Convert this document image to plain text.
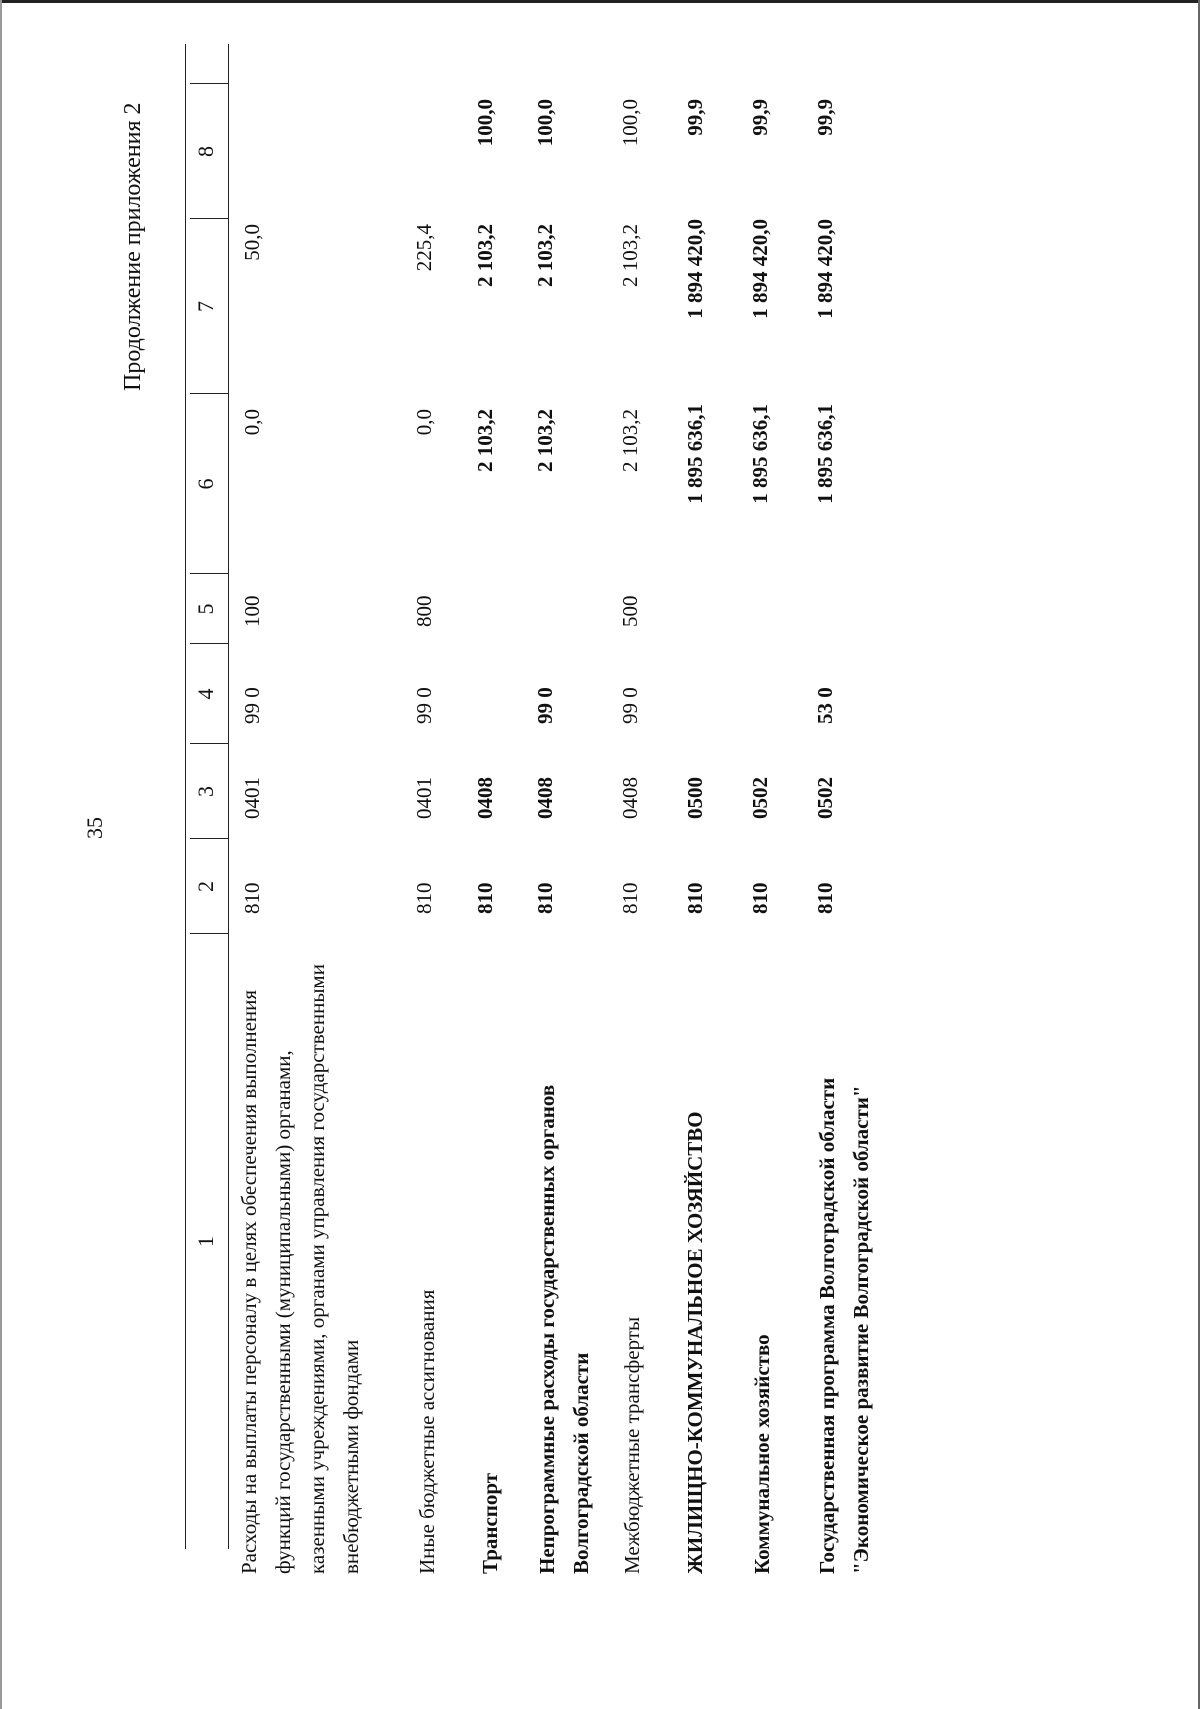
35
Продолжение приложения 2
1
2
3
4
5
6
7
8
Расходы на выплаты персоналу в целях обеспечения выполнения функций государственными (муниципальными) органами, казенными учреждениями, органами управления государственными внебюджетными фондами
810
0401
99 0
100
0,0
50,0
Иные бюджетные ассигнования
810
0401
99 0
800
0,0
225,4
Транспорт
810
0408
2 103,2
2 103,2
100,0
Непрограммные расходы государственных органов Волгоградской области
810
0408
99 0
2 103,2
2 103,2
100,0
Межбюджетные трансферты
810
0408
99 0
500
2 103,2
2 103,2
100,0
ЖИЛИЩНО-КОММУНАЛЬНОЕ ХОЗЯЙСТВО
810
0500
1 895 636,1
1 894 420,0
99,9
Коммунальное хозяйство
810
0502
1 895 636,1
1 894 420,0
99,9
Государственная программа Волгоградской области "Экономическое развитие Волгоградской области"
810
0502
53 0
1 895 636,1
1 894 420,0
99,9
